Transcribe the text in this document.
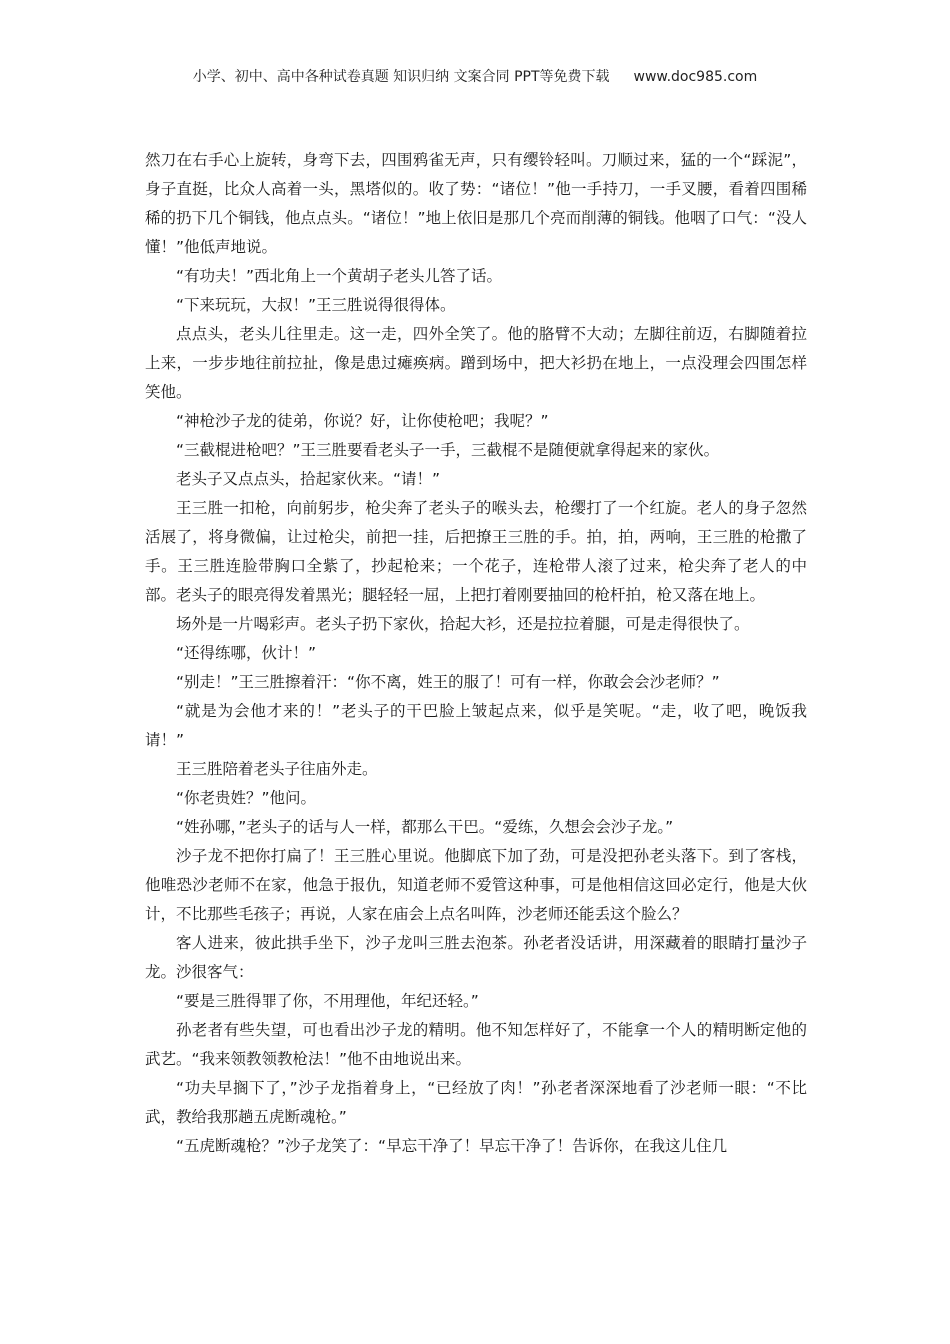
小学、初中、高中各种试卷真题 知识归纳 文案合同 PPT等免费下载 www.doc985.com

然刀在右手心上旋转，身弯下去，四围鸦雀无声，只有缨铃轻叫。刀顺过来，猛的一个“踩泥”，身子直挺，比众人高着一头，黑塔似的。收了势：“诸位！”他一手持刀，一手叉腰，看着四围稀稀的扔下几个铜钱，他点点头。“诸位！”地上依旧是那几个亮而削薄的铜钱。他咽了口气：“没人懂！”他低声地说。

“有功夫！”西北角上一个黄胡子老头儿答了话。

“下来玩玩，大叔！”王三胜说得很得体。

点点头，老头儿往里走。这一走，四外全笑了。他的胳臂不大动；左脚往前迈，右脚随着拉上来，一步步地往前拉扯，像是患过瘫痪病。蹭到场中，把大衫扔在地上，一点没理会四围怎样笑他。

“神枪沙子龙的徒弟，你说？好，让你使枪吧；我呢？”

“三截棍进枪吧？”王三胜要看老头子一手，三截棍不是随便就拿得起来的家伙。

老头子又点点头，拾起家伙来。“请！”

王三胜一扣枪，向前躬步，枪尖奔了老头子的喉头去，枪缨打了一个红旋。老人的身子忽然活展了，将身微偏，让过枪尖，前把一挂，后把撩王三胜的手。拍，拍，两响，王三胜的枪撒了手。王三胜连脸带胸口全紫了，抄起枪来；一个花子，连枪带人滚了过来，枪尖奔了老人的中部。老头子的眼亮得发着黑光；腿轻轻一屈，上把打着刚要抽回的枪杆拍，枪又落在地上。

场外是一片喝彩声。老头子扔下家伙，拾起大衫，还是拉拉着腿，可是走得很快了。

“还得练哪，伙计！”

“别走！”王三胜擦着汗：“你不离，姓王的服了！可有一样，你敢会会沙老师？”

“就是为会他才来的！”老头子的干巴脸上皱起点来，似乎是笑呢。“走，收了吧，晚饭我请！”

王三胜陪着老头子往庙外走。

“你老贵姓？”他问。

“姓孙哪，”老头子的话与人一样，都那么干巴。“爱练，久想会会沙子龙。”

沙子龙不把你打扁了！王三胜心里说。他脚底下加了劲，可是没把孙老头落下。到了客栈，他唯恐沙老师不在家，他急于报仇，知道老师不爱管这种事，可是他相信这回必定行，他是大伙计，不比那些毛孩子；再说，人家在庙会上点名叫阵，沙老师还能丢这个脸么？

客人进来，彼此拱手坐下，沙子龙叫三胜去泡茶。孙老者没话讲，用深藏着的眼睛打量沙子龙。沙很客气：

“要是三胜得罪了你，不用理他，年纪还轻。”

孙老者有些失望，可也看出沙子龙的精明。他不知怎样好了，不能拿一个人的精明断定他的武艺。“我来领教领教枪法！”他不由地说出来。

“功夫早搁下了，”沙子龙指着身上，“已经放了肉！”孙老者深深地看了沙老师一眼：“不比武，教给我那趟五虎断魂枪。”

“五虎断魂枪？”沙子龙笑了：“早忘干净了！早忘干净了！告诉你，在我这儿住几
